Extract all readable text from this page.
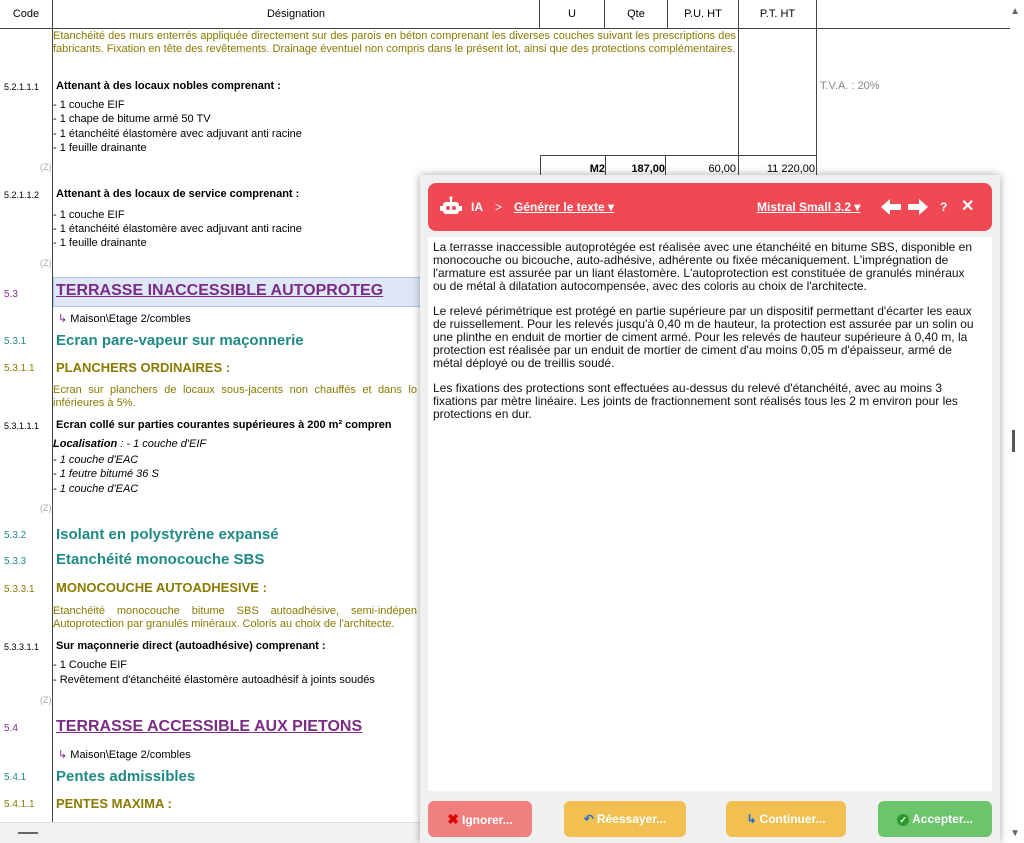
Code	Désignation	U	Qte	P.U. HT	P.T. HT
Etanchéité des murs enterrés appliquée directement sur des parois en béton comprenant les diverses couches suivant les prescriptions des fabricants. Fixation en tête des revêtements. Drainage éventuel non compris dans le présent lot, ainsi que des protections complémentaires.
5.2.1.1.1 Attenant à des locaux nobles comprenant :	T.V.A. : 20%
- 1 couche EIF
- 1 chape de bitume armé 50 TV
- 1 étanchéité élastomère avec adjuvant anti racine
- 1 feuille drainante
(Z)	M2	187,00	60,00	11 220,00
5.2.1.1.2 Attenant à des locaux de service comprenant :
- 1 couche EIF
- 1 étanchéité élastomère avec adjuvant anti racine
- 1 feuille drainante
(Z)
5.3 TERRASSE INACCESSIBLE AUTOPROTEG
↳ Maison\Etage 2/combles
5.3.1 Ecran pare-vapeur sur maçonnerie
5.3.1.1 PLANCHERS ORDINAIRES :
Ecran sur planchers de locaux sous-jacents non chauffés et dans lo inférieures à 5%.
5.3.1.1.1 Ecran collé sur parties courantes supérieures à 200 m² compren
Localisation : - 1 couche d'EIF
- 1 couche d'EAC
- 1 feutre bitumé 36 S
- 1 couche d'EAC
(Z)
5.3.2 Isolant en polystyrène expansé
5.3.3 Etanchéité monocouche SBS
5.3.3.1 MONOCOUCHE AUTOADHESIVE :
Etanchéité monocouche bitume SBS autoadhésive, semi-indépen Autoprotection par granulés minéraux. Coloris au choix de l'architecte.
5.3.3.1.1 Sur maçonnerie direct (autoadhésive) comprenant :
- 1 Couche EIF
- Revêtement d'étanchéité élastomère autoadhésif à joints soudés
(Z)
5.4 TERRASSE ACCESSIBLE AUX PIETONS
↳ Maison\Etage 2/combles
5.4.1 Pentes admissibles
5.4.1.1 PENTES MAXIMA :
▲
▼
IA > Générer le texte ▾	Mistral Small 3.2 ▾	? ✕

La terrasse inaccessible autoprotégée est réalisée avec une étanchéité en bitume SBS, disponible en monocouche ou bicouche, auto-adhésive, adhérente ou fixée mécaniquement. L'imprégnation de l'armature est assurée par un liant élastomère. L'autoprotection est constituée de granulés minéraux ou de métal à dilatation autocompensée, avec des coloris au choix de l'architecte.

Le relevé périmétrique est protégé en partie supérieure par un dispositif permettant d'écarter les eaux de ruissellement. Pour les relevés jusqu'à 0,40 m de hauteur, la protection est assurée par un solin ou une plinthe en enduit de mortier de ciment armé. Pour les relevés de hauteur supérieure à 0,40 m, la protection est réalisée par un enduit de mortier de ciment d'au moins 0,05 m d'épaisseur, armé de métal déployé ou de treillis soudé.

Les fixations des protections sont effectuées au-dessus du relevé d'étanchéité, avec au moins 3 fixations par mètre linéaire. Les joints de fractionnement sont réalisés tous les 2 m environ pour les protections en dur.

✖ Ignorer...	↶ Réessayer...	↳ Continuer...	✓ Accepter...
